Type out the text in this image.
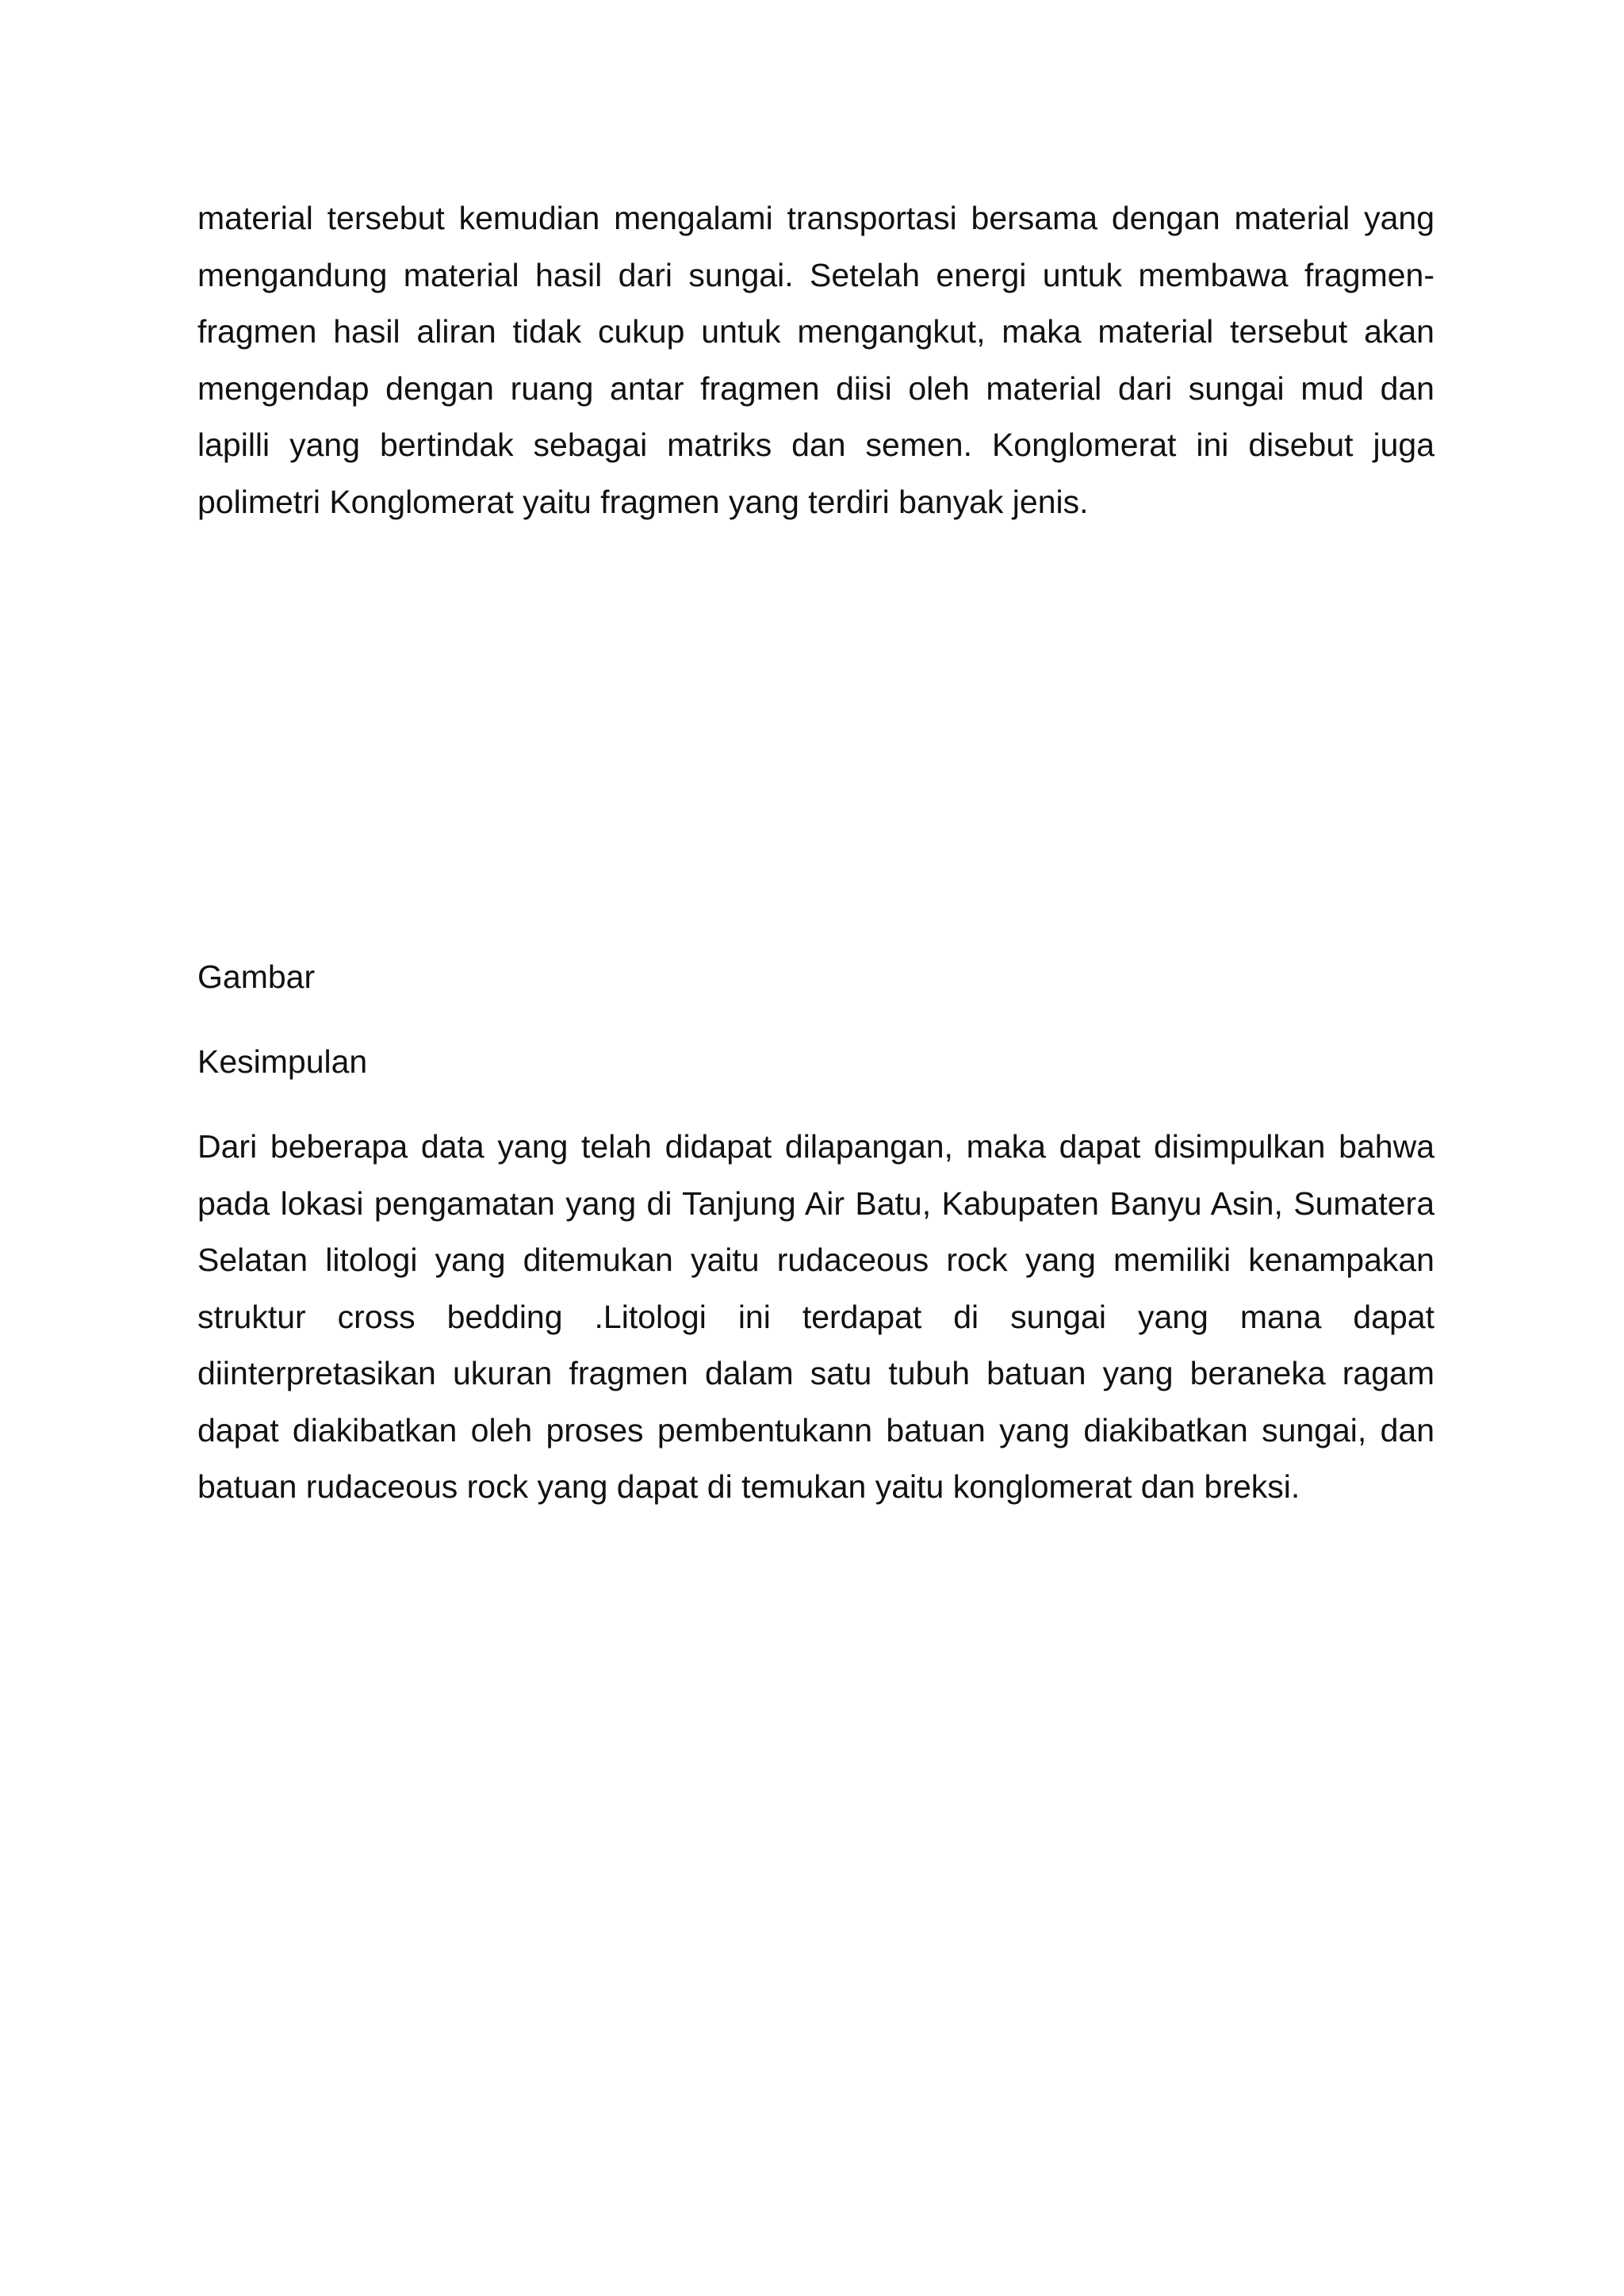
material tersebut kemudian mengalami transportasi bersama dengan material yang mengandung material hasil dari sungai. Setelah energi untuk membawa fragmen-fragmen hasil aliran tidak cukup untuk mengangkut, maka material tersebut akan mengendap dengan ruang antar fragmen diisi oleh material dari sungai mud dan lapilli yang bertindak sebagai matriks dan semen. Konglomerat ini disebut juga polimetri Konglomerat yaitu fragmen yang terdiri banyak jenis.

Gambar

Kesimpulan

Dari beberapa data yang telah didapat dilapangan, maka dapat disimpulkan bahwa pada lokasi pengamatan yang di Tanjung Air Batu, Kabupaten Banyu Asin, Sumatera Selatan litologi yang ditemukan yaitu rudaceous rock yang memiliki kenampakan struktur cross bedding .Litologi ini terdapat di sungai yang mana dapat diinterpretasikan ukuran fragmen dalam satu tubuh batuan yang beraneka ragam dapat diakibatkan oleh proses pembentukann batuan yang diakibatkan sungai, dan batuan rudaceous rock yang dapat di temukan yaitu konglomerat dan breksi.
